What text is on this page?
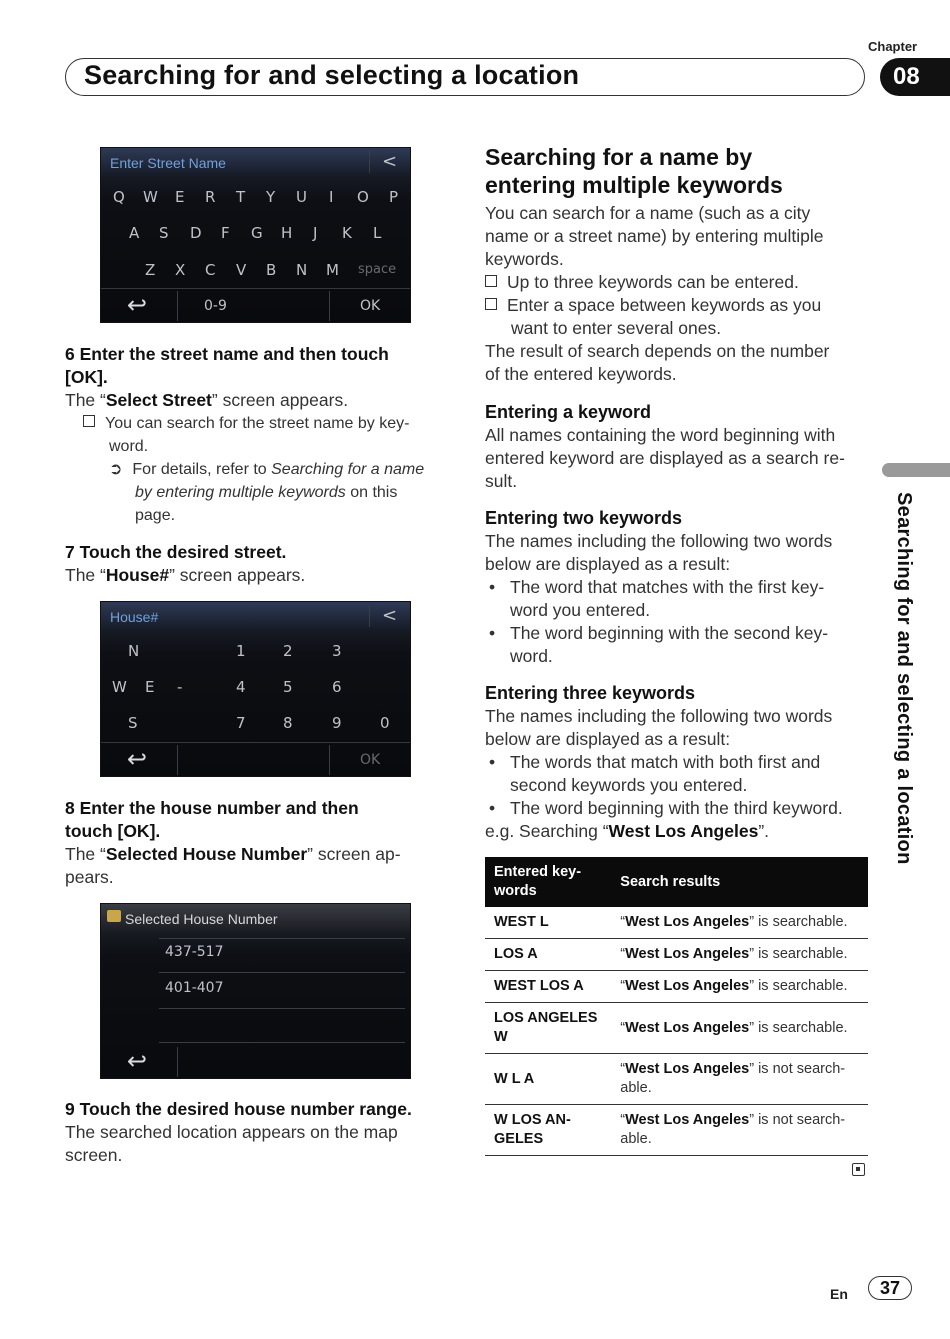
Chapter
Searching for and selecting a location	08
Searching for and selecting a location
Enter Street Name	<
Q W E R T Y U I O P
A S D F G H J K L
Z X C V B N M space
↩	0-9	OK
House#	<
N	1 2	3
W E -	4 5	6
S	7 8	9	0
↩	OK
Selected House Number
437-517
401-407
↩
6 Enter the street name and then touch
[OK].
The “Select Street” screen appears.
You can search for the street name by key-
word.
➲ For details, refer to Searching for a name
by entering multiple keywords on this
page.
7 Touch the desired street.
The “House#” screen appears.
8 Enter the house number and then
touch [OK].
The “Selected House Number” screen ap-
pears.
9 Touch the desired house number range.
The searched location appears on the map
screen.
Searching for a name by
entering multiple keywords
You can search for a name (such as a city
name or a street name) by entering multiple
keywords.
Up to three keywords can be entered.
Enter a space between keywords as you
want to enter several ones.
The result of search depends on the number
of the entered keywords.
Entering a keyword
All names containing the word beginning with
entered keyword are displayed as a search re-
sult.
Entering two keywords
The names including the following two words
below are displayed as a result:
• The word that matches with the first key-
word you entered.
• The word beginning with the second key-
word.
Entering three keywords
The names including the following two words
below are displayed as a result:
• The words that match with both first and
second keywords you entered.
• The word beginning with the third keyword.
e.g. Searching “West Los Angeles”.
Entered key-
words	Search results
WEST L	“West Los Angeles” is searchable.
LOS A	“West Los Angeles” is searchable.
WEST LOS A	“West Los Angeles” is searchable.
LOS ANGELES W	“West Los Angeles” is searchable.
W L A	“West Los Angeles” is not search-able.
W LOS AN-GELES	“West Los Angeles” is not search-able.
En	37
